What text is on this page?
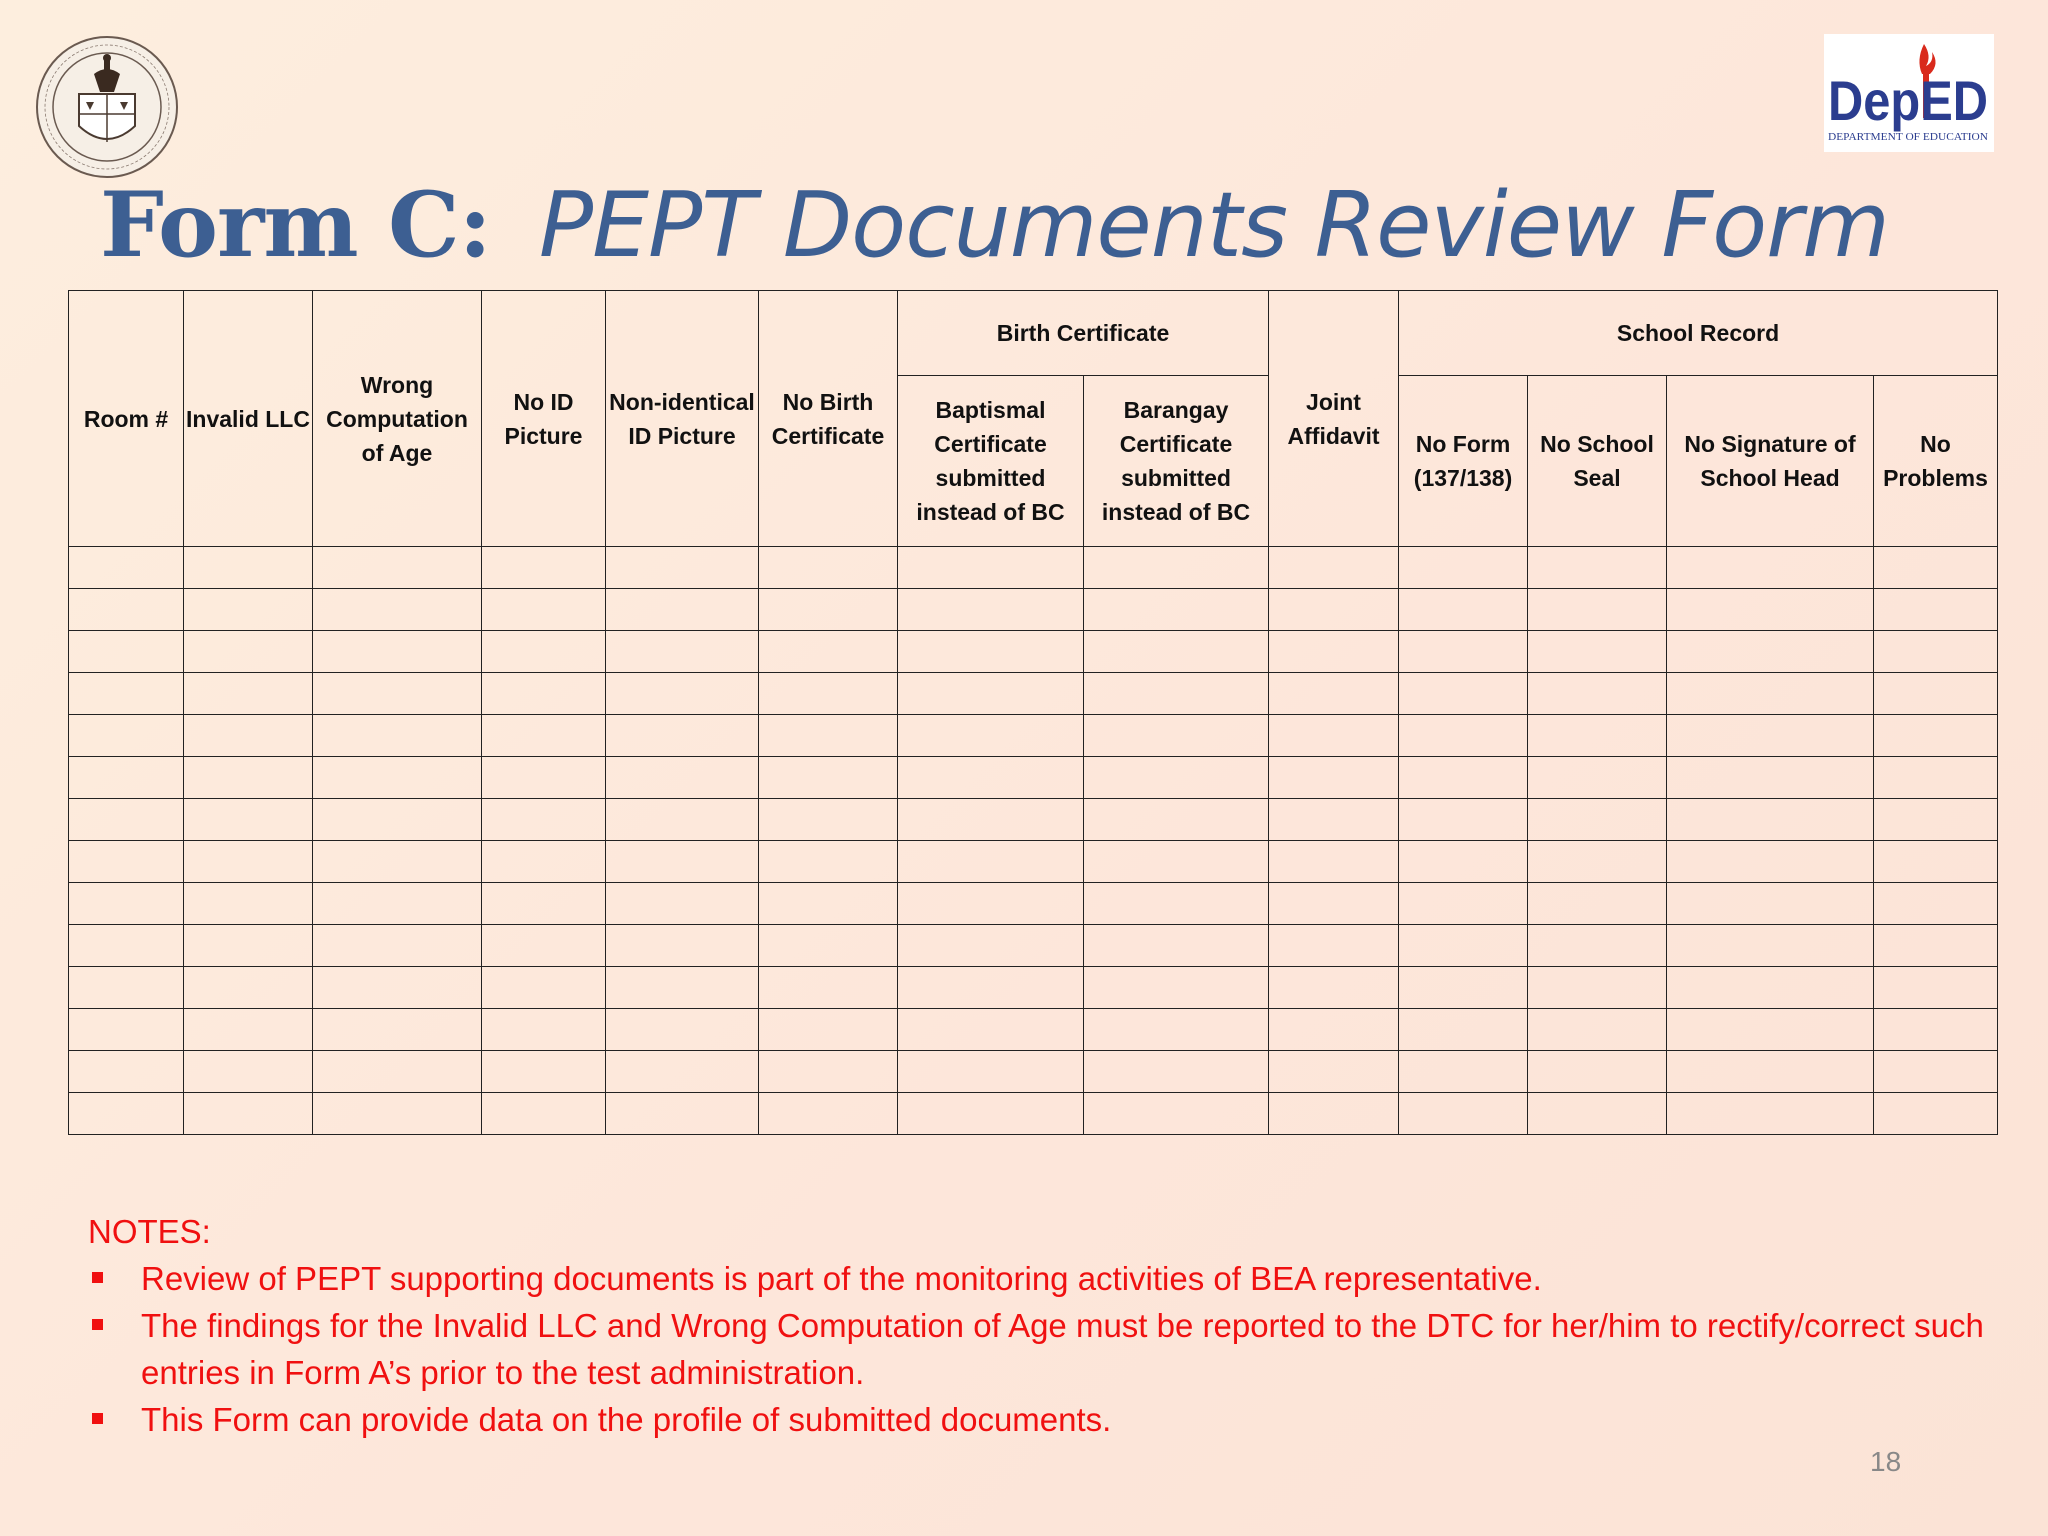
DepED
DEPARTMENT OF EDUCATION
Form C: PEPT Documents Review Form
Room #	Invalid LLC	Wrong Computation of Age	No ID Picture	Non-identical ID Picture	No Birth Certificate	Birth Certificate		Joint Affidavit	School Record			
						Baptismal Certificate submitted instead of BC	Barangay Certificate submitted instead of BC		No Form (137/138)	No School Seal	No Signature of School Head	No Problems

NOTES:
Review of PEPT supporting documents is part of the monitoring activities of BEA representative.
The findings for the Invalid LLC and Wrong Computation of Age must be reported to the DTC for her/him to rectify/correct such entries in Form A’s prior to the test administration.
This Form can provide data on the profile of submitted documents.
18
